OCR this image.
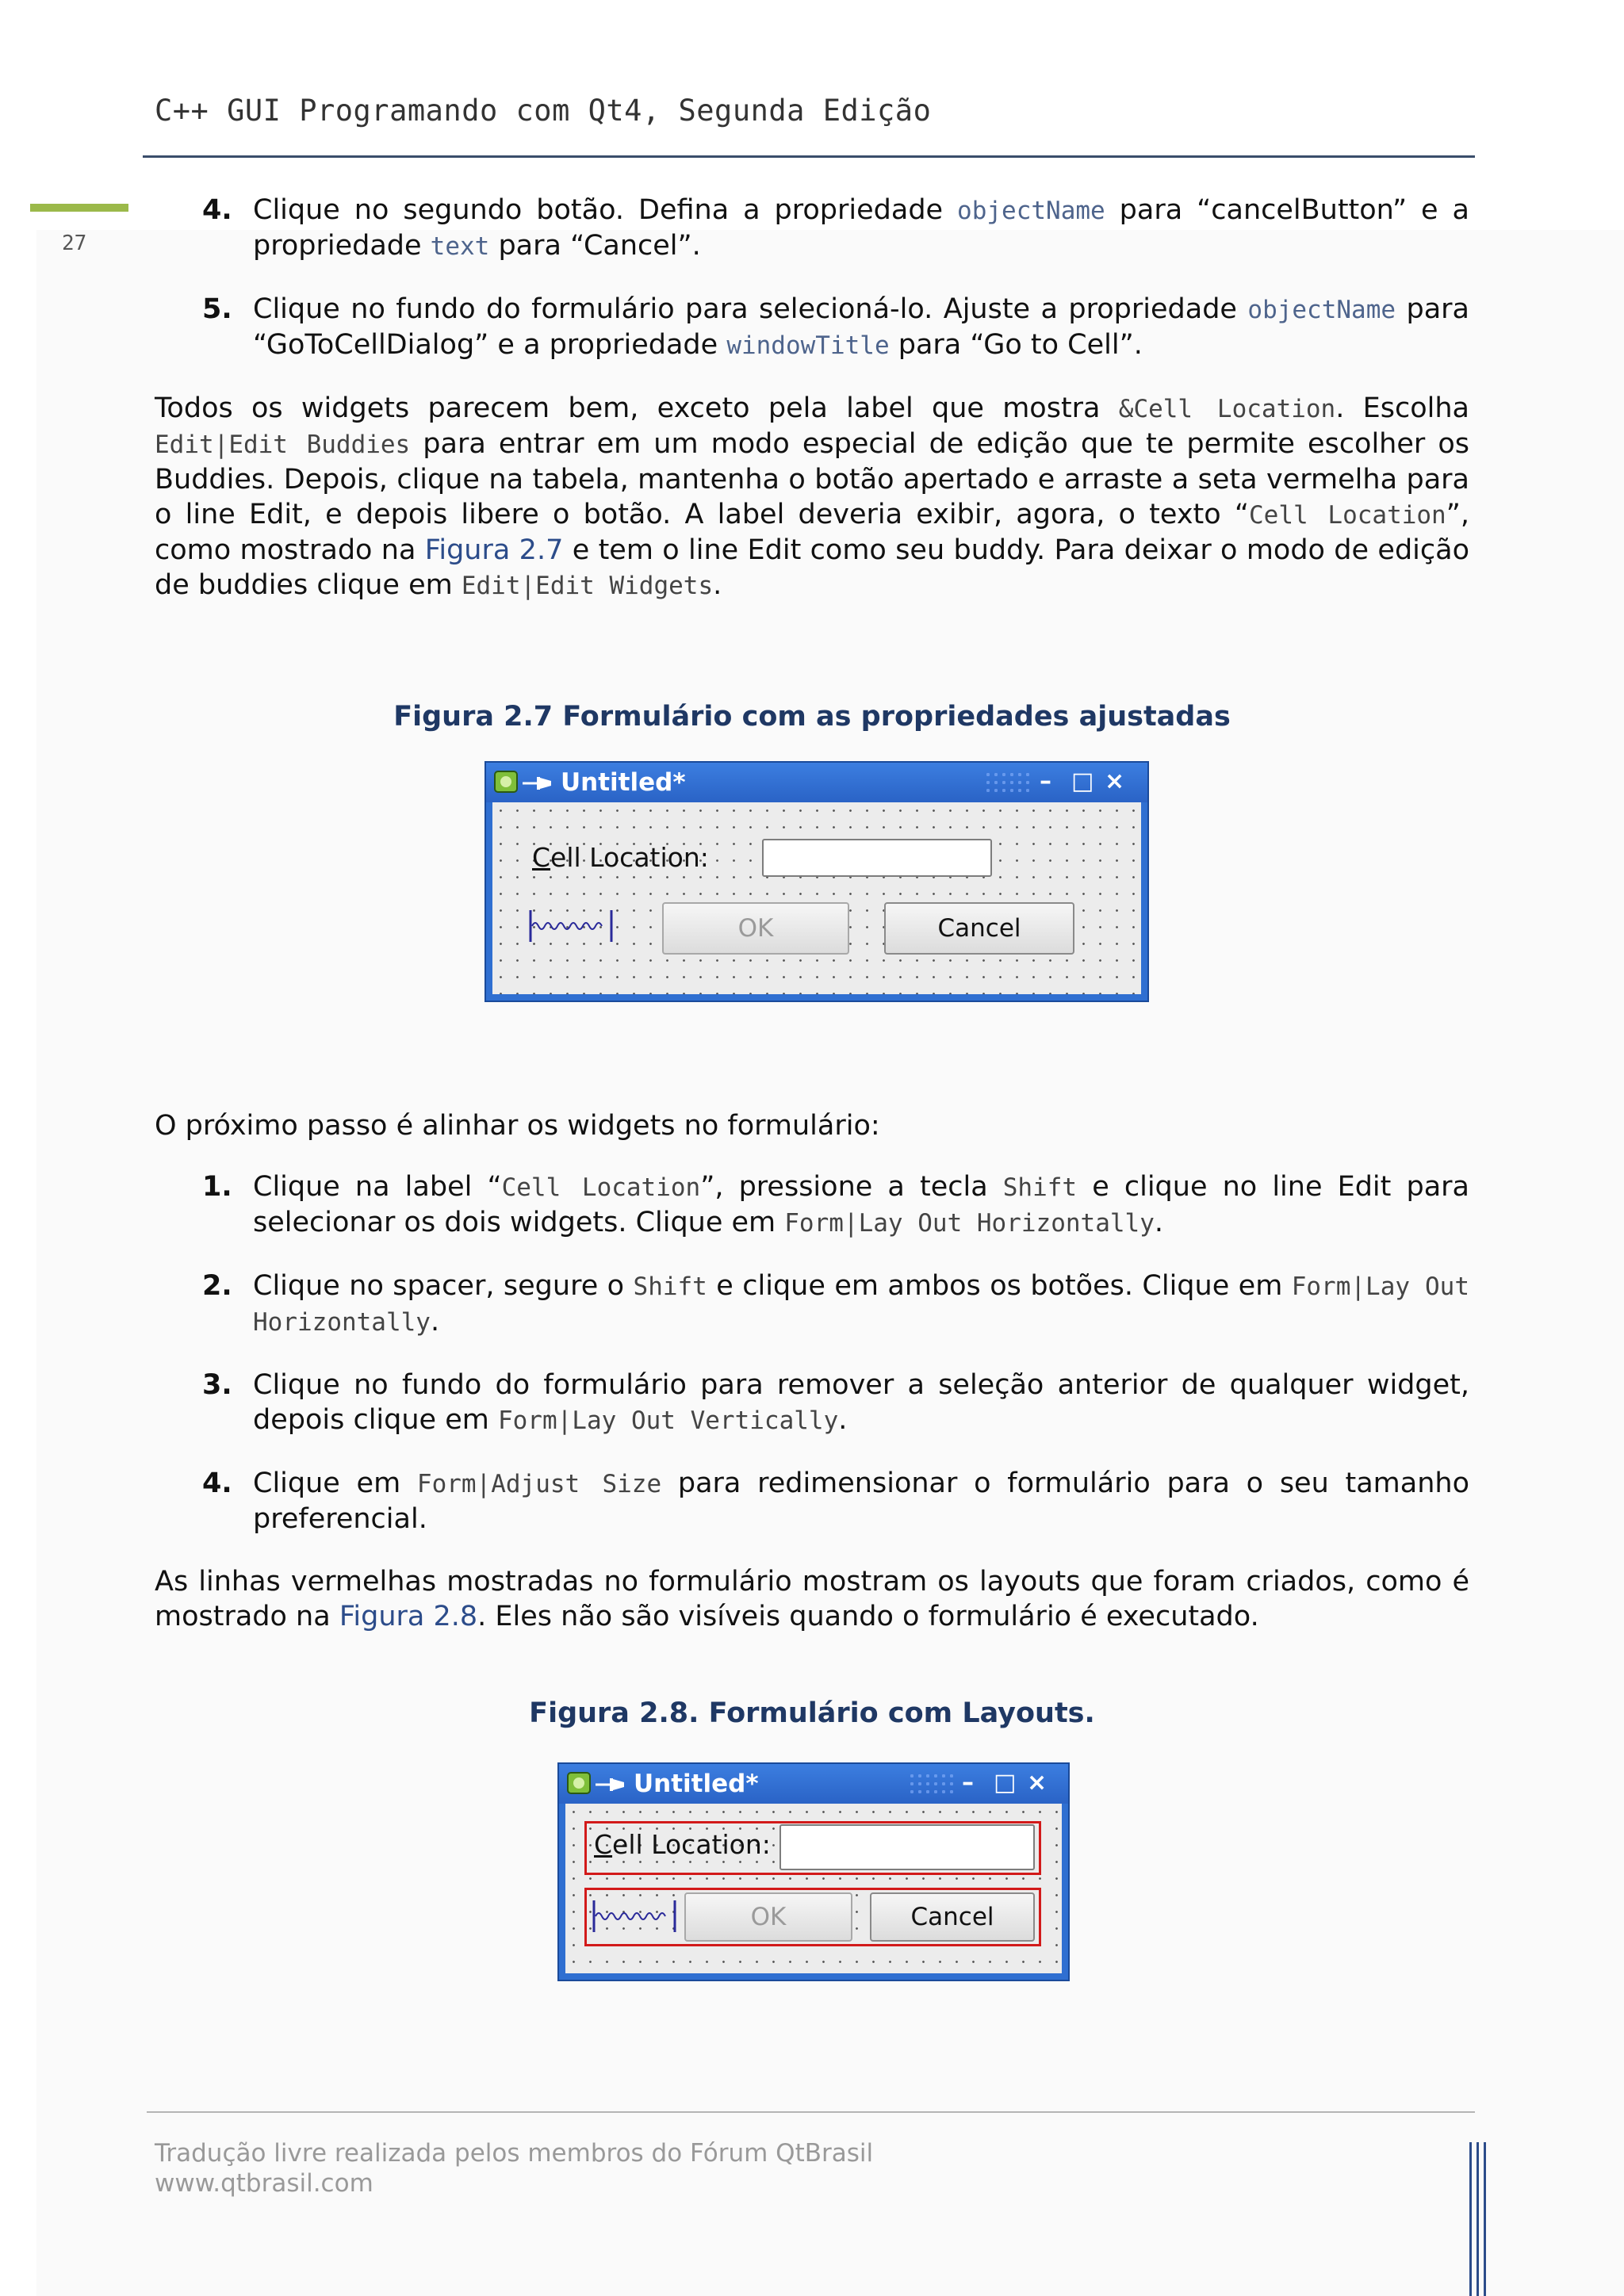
C++ GUI Programando com Qt4, Segunda Edição
27
4. Clique no segundo botão. Defina a propriedade objectName para “cancelButton” e a propriedade text para “Cancel”.
5. Clique no fundo do formulário para selecioná-lo. Ajuste a propriedade objectName para “GoToCellDialog” e a propriedade windowTitle para “Go to Cell”.

Todos os widgets parecem bem, exceto pela label que mostra &Cell Location. Escolha Edit|Edit Buddies para entrar em um modo especial de edição que te permite escolher os Buddies. Depois, clique na tabela, mantenha o botão apertado e arraste a seta vermelha para o line Edit, e depois libere o botão. A label deveria exibir, agora, o texto “Cell Location”, como mostrado na Figura 2.7 e tem o line Edit como seu buddy. Para deixar o modo de edição de buddies clique em Edit|Edit Widgets.

Figura 2.7 Formulário com as propriedades ajustadas

Untitled*	– □ ×
Cell Location:
OK	Cancel

O próximo passo é alinhar os widgets no formulário:

1. Clique na label “Cell Location”, pressione a tecla Shift e clique no line Edit para selecionar os dois widgets. Clique em Form|Lay Out Horizontally.
2. Clique no spacer, segure o Shift e clique em ambos os botões. Clique em Form|Lay Out Horizontally.
3. Clique no fundo do formulário para remover a seleção anterior de qualquer widget, depois clique em Form|Lay Out Vertically.
4. Clique em Form|Adjust Size para redimensionar o formulário para o seu tamanho preferencial.

As linhas vermelhas mostradas no formulário mostram os layouts que foram criados, como é mostrado na Figura 2.8. Eles não são visíveis quando o formulário é executado.

Figura 2.8. Formulário com Layouts.

Untitled*	– □ ×
Cell Location:
OK	Cancel
Tradução livre realizada pelos membros do Fórum QtBrasil
www.qtbrasil.com
